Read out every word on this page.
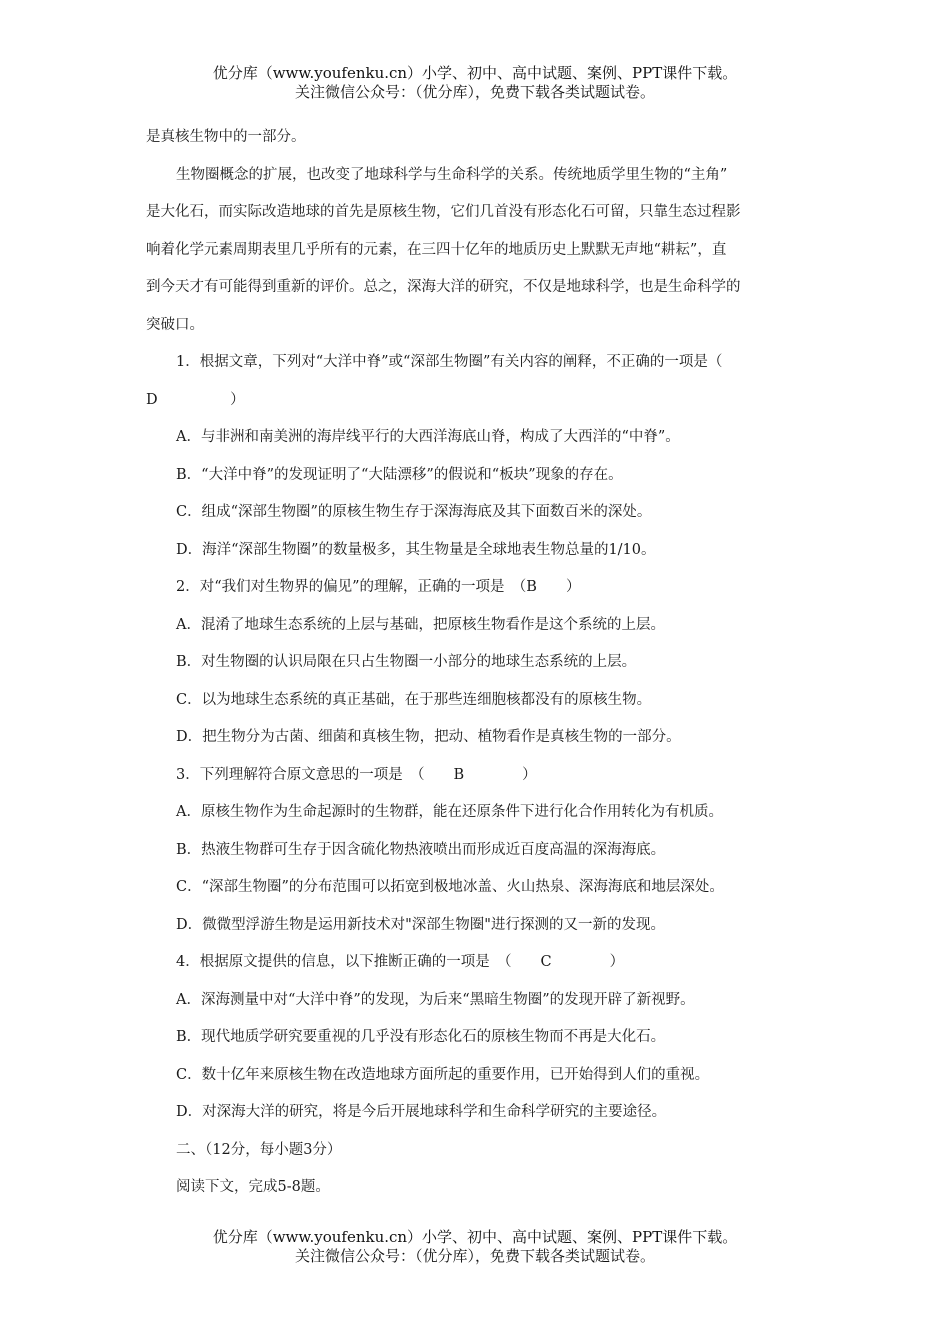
优分库（www.youfenku.cn）小学、初中、高中试题、案例、PPT课件下载。
关注微信公众号：（优分库），免费下载各类试题试卷。
是真核生物中的一部分。
生物圈概念的扩展，也改变了地球科学与生命科学的关系。传统地质学里生物的“主角”
是大化石，而实际改造地球的首先是原核生物，它们几首没有形态化石可留，只靠生态过程影
响着化学元素周期表里几乎所有的元素，在三四十亿年的地质历史上默默无声地“耕耘”，直
到今天才有可能得到重新的评价。总之，深海大洋的研究，不仅是地球科学，也是生命科学的
突破口。
1．根据文章，下列对“大洋中脊”或“深部生物圈”有关内容的阐释，不正确的一项是（
D　　　　　）
A．与非洲和南美洲的海岸线平行的大西洋海底山脊，构成了大西洋的“中脊”。
B．“大洋中脊”的发现证明了“大陆漂移”的假说和“板块”现象的存在。
C．组成“深部生物圈”的原核生物生存于深海海底及其下面数百米的深处。
D．海洋“深部生物圈”的数量极多，其生物量是全球地表生物总量的1/10。
2．对“我们对生物界的偏见”的理解，正确的一项是　（B　　）
A．混淆了地球生态系统的上层与基础，把原核生物看作是这个系统的上层。
B．对生物圈的认识局限在只占生物圈一小部分的地球生态系统的上层。
C．以为地球生态系统的真正基础，在于那些连细胞核都没有的原核生物。
D．把生物分为古菌、细菌和真核生物，把动、植物看作是真核生物的一部分。
3．下列理解符合原文意思的一项是　（　　B　　　　）
A．原核生物作为生命起源时的生物群，能在还原条件下进行化合作用转化为有机质。
B．热液生物群可生存于因含硫化物热液喷出而形成近百度高温的深海海底。
C．“深部生物圈”的分布范围可以拓宽到极地冰盖、火山热泉、深海海底和地层深处。
D．微微型浮游生物是运用新技术对"深部生物圈"进行探测的又一新的发现。
4．根据原文提供的信息，以下推断正确的一项是　（　　C　　　　）
A．深海测量中对“大洋中脊”的发现，为后来“黑暗生物圈”的发现开辟了新视野。
B．现代地质学研究要重视的几乎没有形态化石的原核生物而不再是大化石。
C．数十亿年来原核生物在改造地球方面所起的重要作用，已开始得到人们的重视。
D．对深海大洋的研究，将是今后开展地球科学和生命科学研究的主要途径。
二、（12分，每小题3分）
阅读下文，完成5-8题。
优分库（www.youfenku.cn）小学、初中、高中试题、案例、PPT课件下载。
关注微信公众号：（优分库），免费下载各类试题试卷。
